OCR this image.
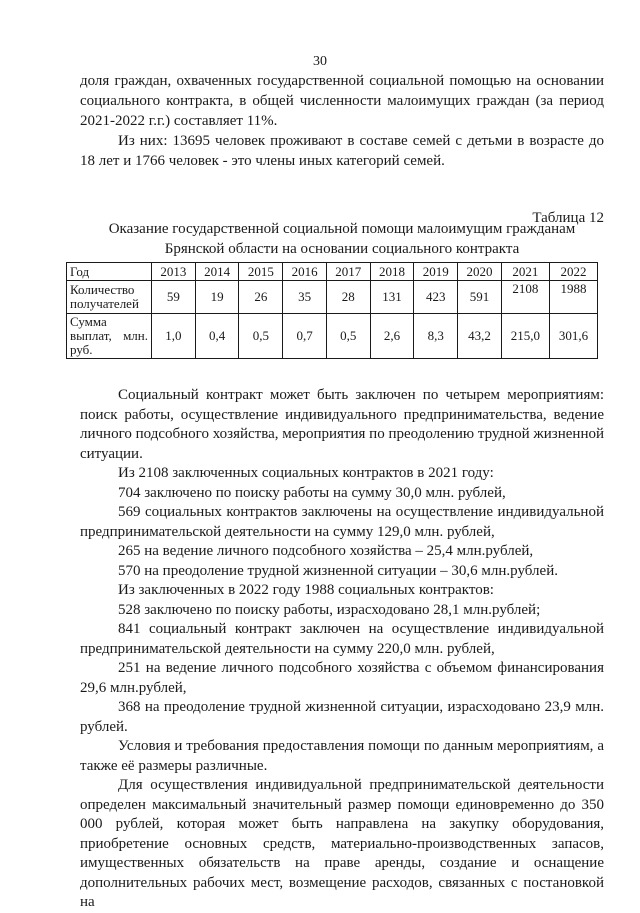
30

доля граждан, охваченных государственной социальной помощью на основании социального контракта, в общей численности малоимущих граждан (за период 2021-2022 г.г.) составляет 11%.

Из них: 13695 человек проживают в составе семей с детьми в возрасте до 18 лет и 1766 человек - это члены иных категорий семей.

Таблица 12
Оказание государственной социальной помощи малоимущим гражданам
Брянской области на основании социального контракта
Год	2013	2014	2015	2016	2017	2018	2019	2020	2021	2022
Количество получателей	59	19	26	35	28	131	423	591	2108	1988
Сумма

выплат, млн.
руб.	1,0	0,4	0,5	0,7	0,5	2,6	8,3	43,2	215,0	301,6

Социальный контракт может быть заключен по четырем мероприятиям: поиск работы, осуществление индивидуального предпринимательства, ведение личного подсобного хозяйства, мероприятия по преодолению трудной жизненной ситуации.

Из 2108 заключенных социальных контрактов в 2021 году:

704 заключено по поиску работы на сумму 30,0 млн. рублей,

569 социальных контрактов заключены на осуществление индивидуальной предпринимательской деятельности на сумму 129,0 млн. рублей,

265 на ведение личного подсобного хозяйства – 25,4 млн.рублей,

570 на преодоление трудной жизненной ситуации – 30,6 млн.рублей.

Из заключенных в 2022 году 1988 социальных контрактов:

528 заключено по поиску работы, израсходовано 28,1 млн.рублей;

841 социальный контракт заключен на осуществление индивидуальной предпринимательской деятельности на сумму 220,0 млн. рублей,

251 на ведение личного подсобного хозяйства с объемом финансирования 29,6 млн.рублей,

368 на преодоление трудной жизненной ситуации, израсходовано 23,9 млн. рублей.

Условия и требования предоставления помощи по данным мероприятиям, а также её размеры различные.

Для осуществления индивидуальной предпринимательской деятельности определен максимальный значительный размер помощи единовременно до 350 000 рублей, которая может быть направлена на закупку оборудования, приобретение основных средств, материально-производственных запасов, имущественных обязательств на праве аренды, создание и оснащение дополнительных рабочих мест, возмещение расходов, связанных с постановкой на
